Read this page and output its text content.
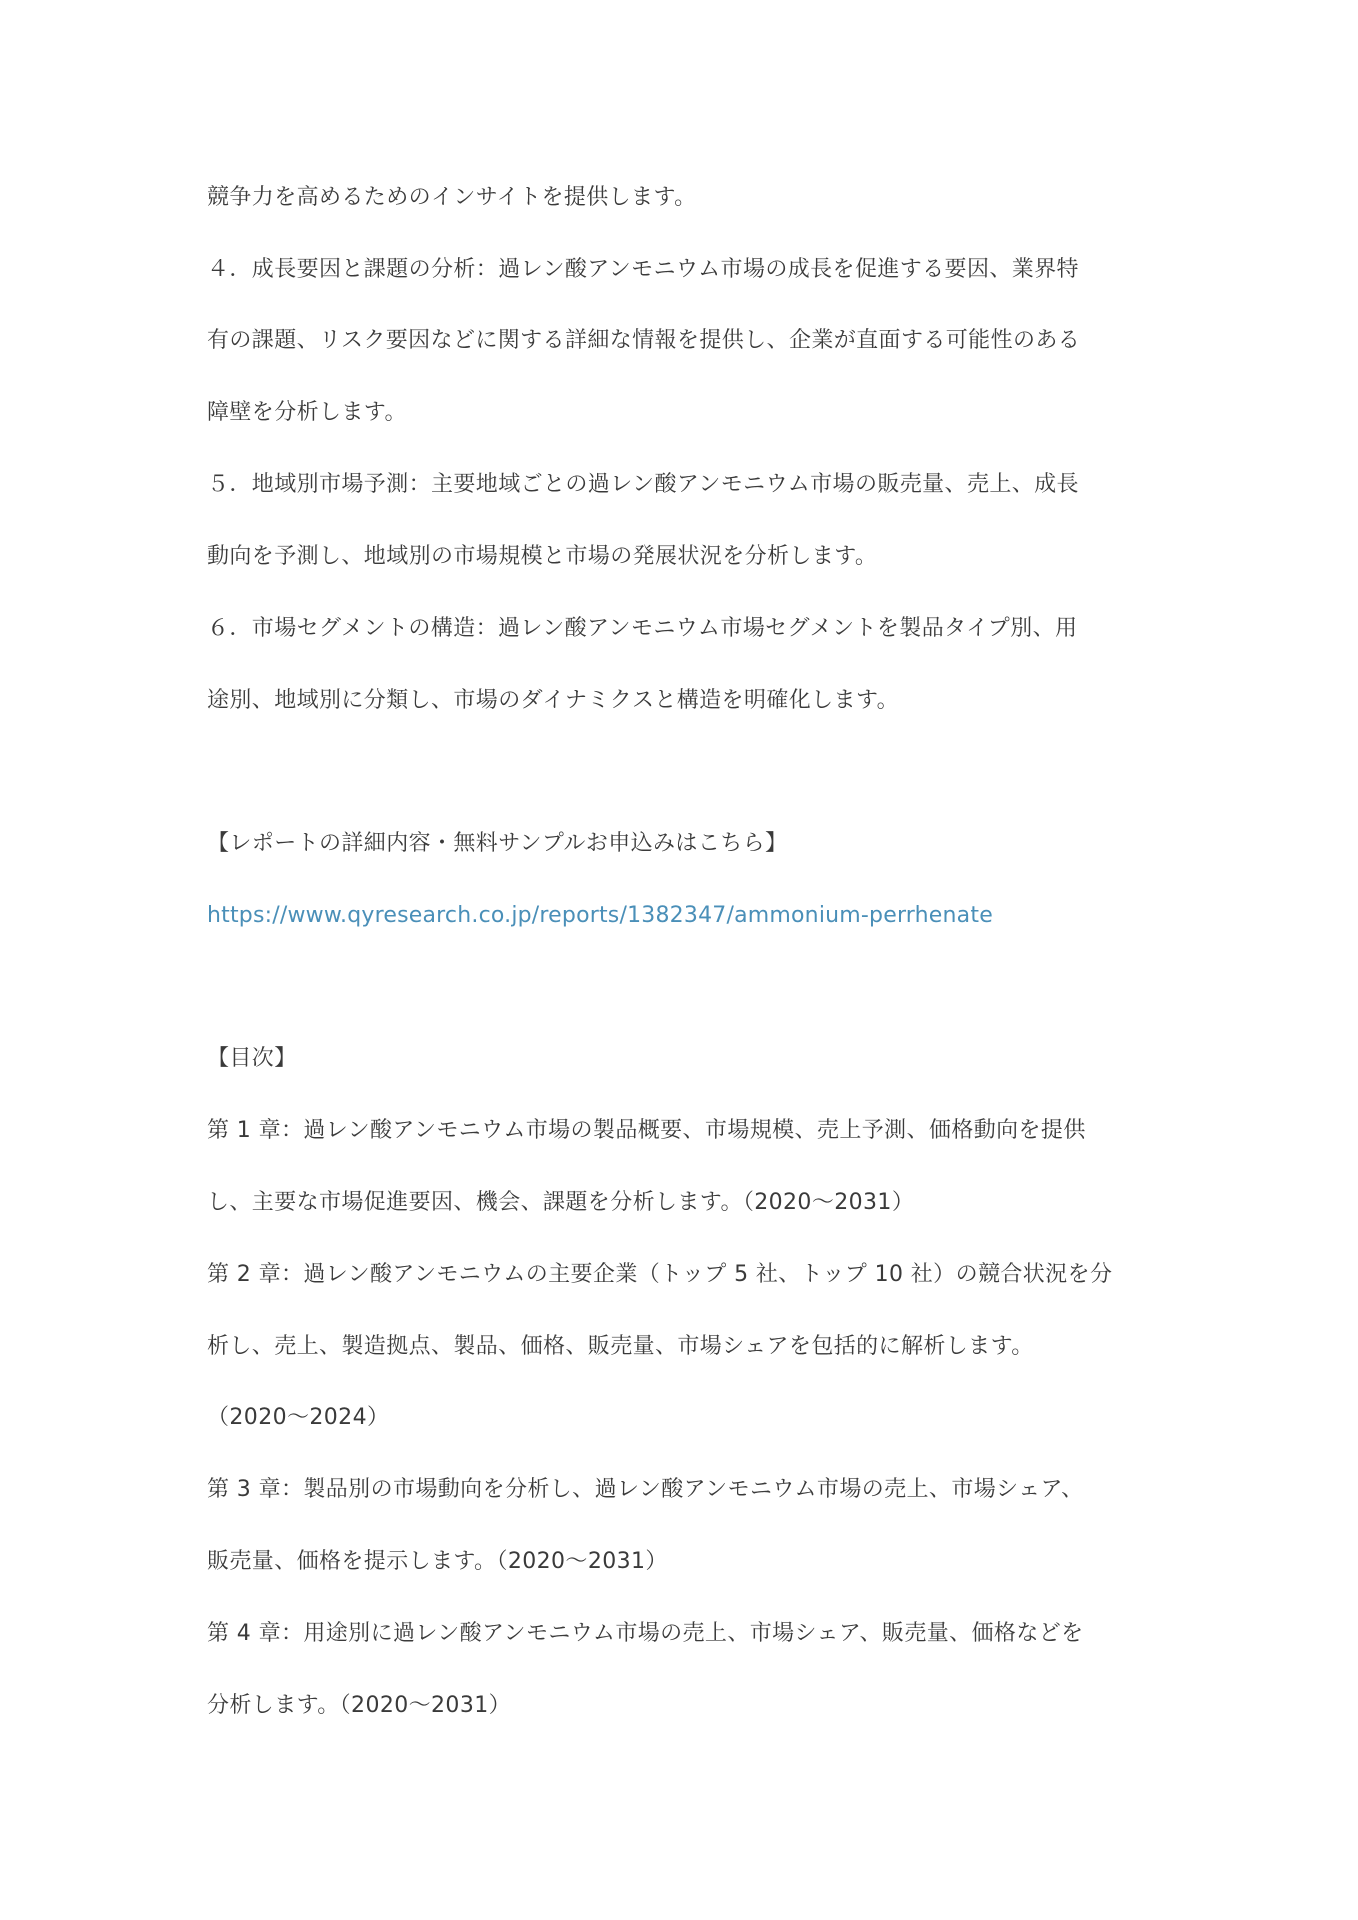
競争力を高めるためのインサイトを提供します。
４．成長要因と課題の分析：過レン酸アンモニウム市場の成長を促進する要因、業界特
有の課題、リスク要因などに関する詳細な情報を提供し、企業が直面する可能性のある
障壁を分析します。
５．地域別市場予測：主要地域ごとの過レン酸アンモニウム市場の販売量、売上、成長
動向を予測し、地域別の市場規模と市場の発展状況を分析します。
６．市場セグメントの構造：過レン酸アンモニウム市場セグメントを製品タイプ別、用
途別、地域別に分類し、市場のダイナミクスと構造を明確化します。
【レポートの詳細内容・無料サンプルお申込みはこちら】
https://www.qyresearch.co.jp/reports/1382347/ammonium-perrhenate
【目次】
第 1 章：過レン酸アンモニウム市場の製品概要、市場規模、売上予測、価格動向を提供
し、主要な市場促進要因、機会、課題を分析します。（2020〜2031）
第 2 章：過レン酸アンモニウムの主要企業（トップ 5 社、トップ 10 社）の競合状況を分
析し、売上、製造拠点、製品、価格、販売量、市場シェアを包括的に解析します。
（2020〜2024）
第 3 章：製品別の市場動向を分析し、過レン酸アンモニウム市場の売上、市場シェア、
販売量、価格を提示します。（2020〜2031）
第 4 章：用途別に過レン酸アンモニウム市場の売上、市場シェア、販売量、価格などを
分析します。（2020〜2031）
